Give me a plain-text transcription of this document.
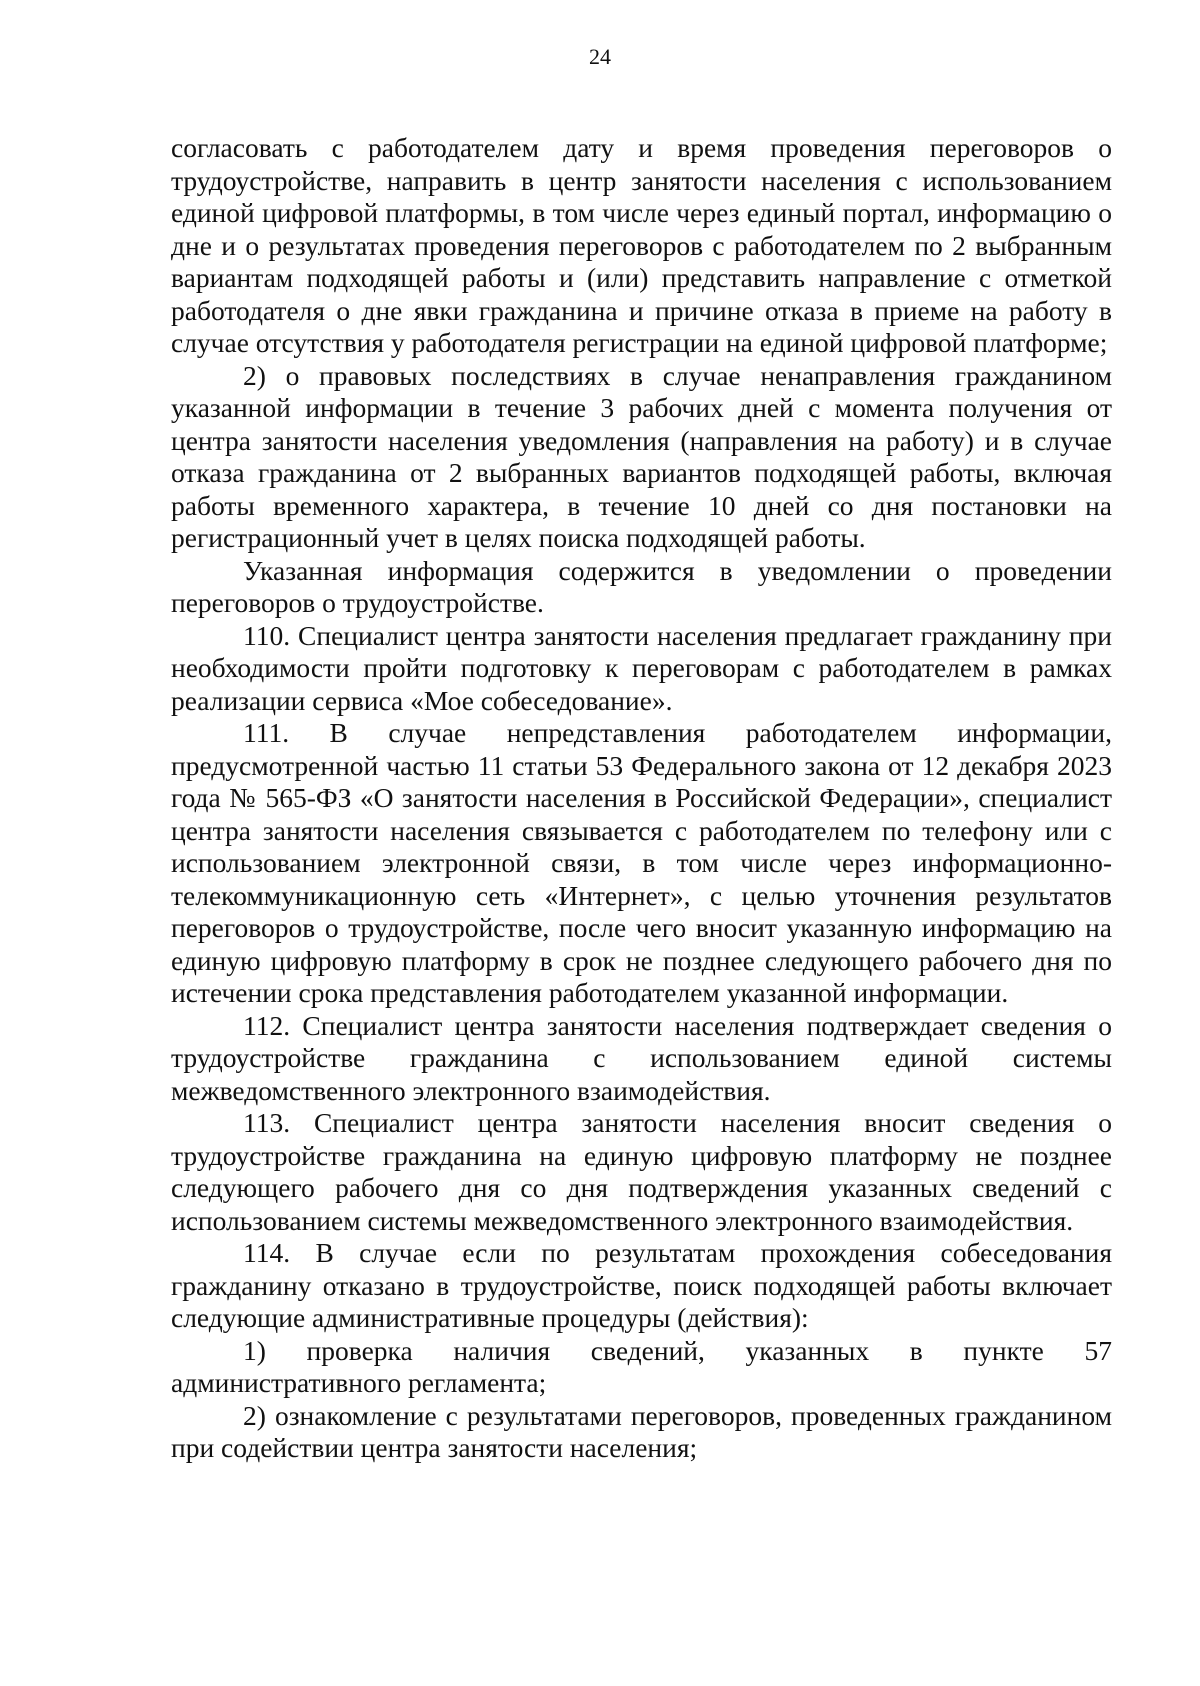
24

согласовать с работодателем дату и время проведения переговоров о трудоустройстве, направить в центр занятости населения с использованием единой цифровой платформы, в том числе через единый портал, информацию о дне и о результатах проведения переговоров с работодателем по 2 выбранным вариантам подходящей работы и (или) представить направление с отметкой работодателя о дне явки гражданина и причине отказа в приеме на работу в случае отсутствия у работодателя регистрации на единой цифровой платформе;

2) о правовых последствиях в случае ненаправления гражданином указанной информации в течение 3 рабочих дней с момента получения от центра занятости населения уведомления (направления на работу) и в случае отказа гражданина от 2 выбранных вариантов подходящей работы, включая работы временного характера, в течение 10 дней со дня постановки на регистрационный учет в целях поиска подходящей работы.

Указанная информация содержится в уведомлении о проведении переговоров о трудоустройстве.

110. Специалист центра занятости населения предлагает гражданину при необходимости пройти подготовку к переговорам с работодателем в рамках реализации сервиса «Мое собеседование».

111. В случае непредставления работодателем информации, предусмотренной частью 11 статьи 53 Федерального закона от 12 декабря 2023 года № 565-ФЗ «О занятости населения в Российской Федерации», специалист центра занятости населения связывается с работодателем по телефону или с использованием электронной связи, в том числе через информационно-телекоммуникационную сеть «Интернет», с целью уточнения результатов переговоров о трудоустройстве, после чего вносит указанную информацию на единую цифровую платформу в срок не позднее следующего рабочего дня по истечении срока представления работодателем указанной информации.

112. Специалист центра занятости населения подтверждает сведения о трудоустройстве гражданина с использованием единой системы межведомственного электронного взаимодействия.

113. Специалист центра занятости населения вносит сведения о трудоустройстве гражданина на единую цифровую платформу не позднее следующего рабочего дня со дня подтверждения указанных сведений с использованием системы межведомственного электронного взаимодействия.

114. В случае если по результатам прохождения собеседования гражданину отказано в трудоустройстве, поиск подходящей работы включает следующие административные процедуры (действия):

1) проверка наличия сведений, указанных в пункте 57 административного регламента;

2) ознакомление с результатами переговоров, проведенных гражданином при содействии центра занятости населения;
